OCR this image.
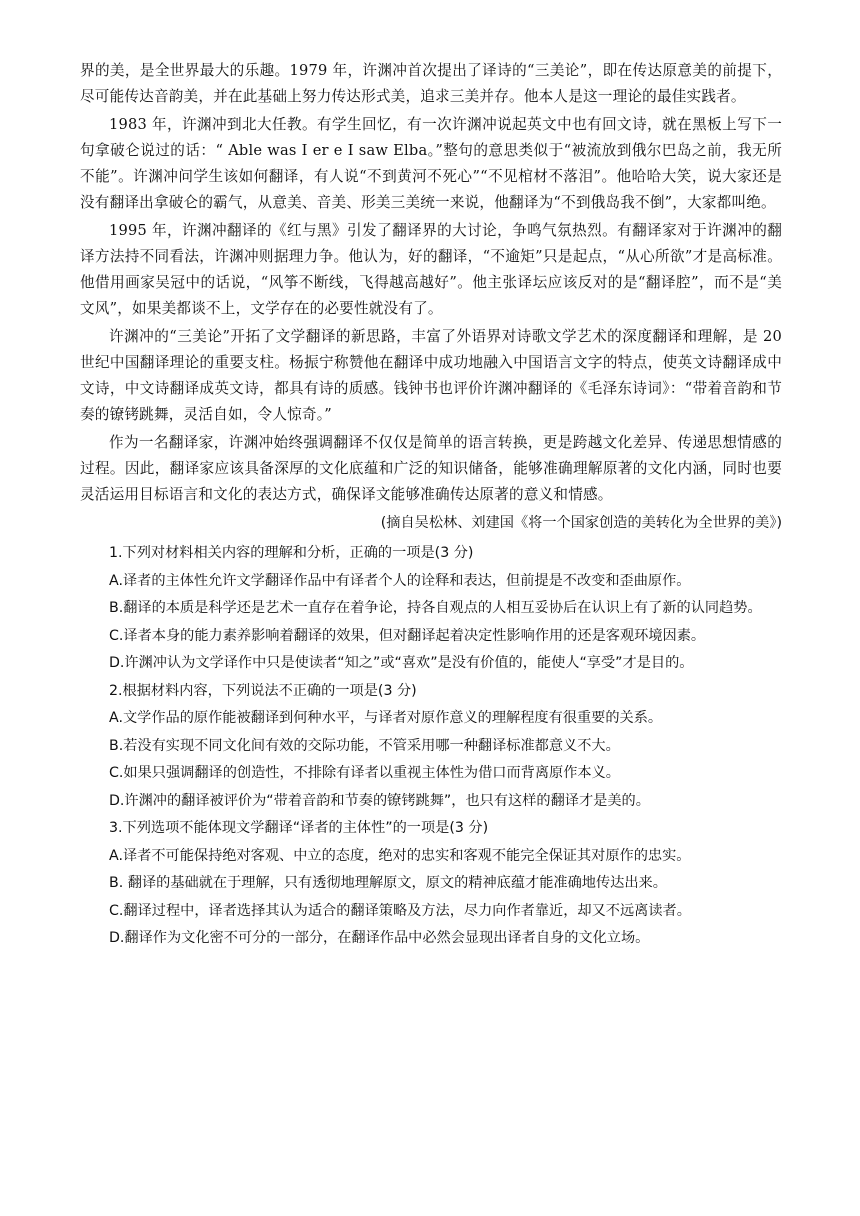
界的美，是全世界最大的乐趣。1979 年，许渊冲首次提出了译诗的“三美论”，即在传达原意美的前提下，尽可能传达音韵美，并在此基础上努力传达形式美，追求三美并存。他本人是这一理论的最佳实践者。

1983 年，许渊冲到北大任教。有学生回忆，有一次许渊冲说起英文中也有回文诗，就在黑板上写下一句拿破仑说过的话：“ Able was I er e I saw Elba。”整句的意思类似于“被流放到俄尔巴岛之前，我无所不能”。许渊冲问学生该如何翻译，有人说“不到黄河不死心”“不见棺材不落泪”。他哈哈大笑，说大家还是没有翻译出拿破仑的霸气，从意美、音美、形美三美统一来说，他翻译为“不到俄岛我不倒”，大家都叫绝。

1995 年，许渊冲翻译的《红与黑》引发了翻译界的大讨论，争鸣气氛热烈。有翻译家对于许渊冲的翻译方法持不同看法，许渊冲则据理力争。他认为，好的翻译，“不逾矩”只是起点，“从心所欲”才是高标准。他借用画家吴冠中的话说，“风筝不断线，飞得越高越好”。他主张译坛应该反对的是“翻译腔”，而不是“美文风”，如果美都谈不上，文学存在的必要性就没有了。

许渊冲的“三美论”开拓了文学翻译的新思路，丰富了外语界对诗歌文学艺术的深度翻译和理解，是 20 世纪中国翻译理论的重要支柱。杨振宁称赞他在翻译中成功地融入中国语言文字的特点，使英文诗翻译成中文诗，中文诗翻译成英文诗，都具有诗的质感。钱钟书也评价许渊冲翻译的《毛泽东诗词》：“带着音韵和节奏的镣铐跳舞，灵活自如，令人惊奇。”

作为一名翻译家，许渊冲始终强调翻译不仅仅是简单的语言转换，更是跨越文化差异、传递思想情感的过程。因此，翻译家应该具备深厚的文化底蕴和广泛的知识储备，能够准确理解原著的文化内涵，同时也要灵活运用目标语言和文化的表达方式，确保译文能够准确传达原著的意义和情感。

(摘自吴松林、刘建国《将一个国家创造的美转化为全世界的美》)

1.下列对材料相关内容的理解和分析，正确的一项是(3 分)

A.译者的主体性允许文学翻译作品中有译者个人的诠释和表达，但前提是不改变和歪曲原作。

B.翻译的本质是科学还是艺术一直存在着争论，持各自观点的人相互妥协后在认识上有了新的认同趋势。

C.译者本身的能力素养影响着翻译的效果，但对翻译起着决定性影响作用的还是客观环境因素。

D.许渊冲认为文学译作中只是使读者“知之”或“喜欢”是没有价值的，能使人“享受”才是目的。

2.根据材料内容，下列说法不正确的一项是(3 分)

A.文学作品的原作能被翻译到何种水平，与译者对原作意义的理解程度有很重要的关系。

B.若没有实现不同文化间有效的交际功能，不管采用哪一种翻译标准都意义不大。

C.如果只强调翻译的创造性，不排除有译者以重视主体性为借口而背离原作本义。

D.许渊冲的翻译被评价为“带着音韵和节奏的镣铐跳舞”，也只有这样的翻译才是美的。

3.下列选项不能体现文学翻译“译者的主体性”的一项是(3 分)

A.译者不可能保持绝对客观、中立的态度，绝对的忠实和客观不能完全保证其对原作的忠实。

B. 翻译的基础就在于理解，只有透彻地理解原文，原文的精神底蕴才能准确地传达出来。

C.翻译过程中，译者选择其认为适合的翻译策略及方法，尽力向作者靠近，却又不远离读者。

D.翻译作为文化密不可分的一部分，在翻译作品中必然会显现出译者自身的文化立场。
